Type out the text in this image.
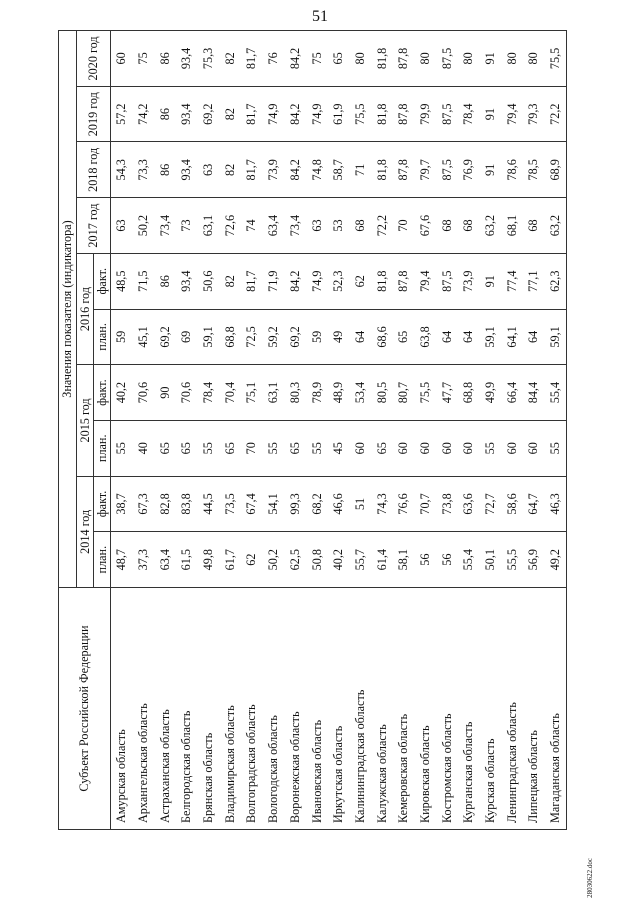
51
Субъект Российской Федерации	Значения показателя (индикатора)									
	2014 год		2015 год		2016 год		2017 год	2018 год	2019 год	2020 год
	план.	факт.	план.	факт.	план.	факт.				
Амурская область	48,7	38,7	55	40,2	59	48,5	63	54,3	57,2	60
Архангельская область	37,3	67,3	40	70,6	45,1	71,5	50,2	73,3	74,2	75
Астраханская область	63,4	82,8	65	90	69,2	86	73,4	86	86	86
Белгородская область	61,5	83,8	65	70,6	69	93,4	73	93,4	93,4	93,4
Брянская область	49,8	44,5	55	78,4	59,1	50,6	63,1	63	69,2	75,3
Владимирская область	61,7	73,5	65	70,4	68,8	82	72,6	82	82	82
Волгоградская область	62	67,4	70	75,1	72,5	81,7	74	81,7	81,7	81,7
Вологодская область	50,2	54,1	55	63,1	59,2	71,9	63,4	73,9	74,9	76
Воронежская область	62,5	99,3	65	80,3	69,2	84,2	73,4	84,2	84,2	84,2
Ивановская область	50,8	68,2	55	78,9	59	74,9	63	74,8	74,9	75
Иркутская область	40,2	46,6	45	48,9	49	52,3	53	58,7	61,9	65
Калининградская область	55,7	51	60	53,4	64	62	68	71	75,5	80
Калужская область	61,4	74,3	65	80,5	68,6	81,8	72,2	81,8	81,8	81,8
Кемеровская область	58,1	76,6	60	80,7	65	87,8	70	87,8	87,8	87,8
Кировская область	56	70,7	60	75,5	63,8	79,4	67,6	79,7	79,9	80
Костромская область	56	73,8	60	47,7	64	87,5	68	87,5	87,5	87,5
Курганская область	55,4	63,6	60	68,8	64	73,9	68	76,9	78,4	80
Курская область	50,1	72,7	55	49,9	59,1	91	63,2	91	91	91
Ленинградская область	55,5	58,6	60	66,4	64,1	77,4	68,1	78,6	79,4	80
Липецкая область	56,9	64,7	60	84,4	64	77,1	68	78,5	79,3	80
Магаданская область	49,2	46,3	55	55,4	59,1	62,3	63,2	68,9	72,2	75,5
28030622.doc
